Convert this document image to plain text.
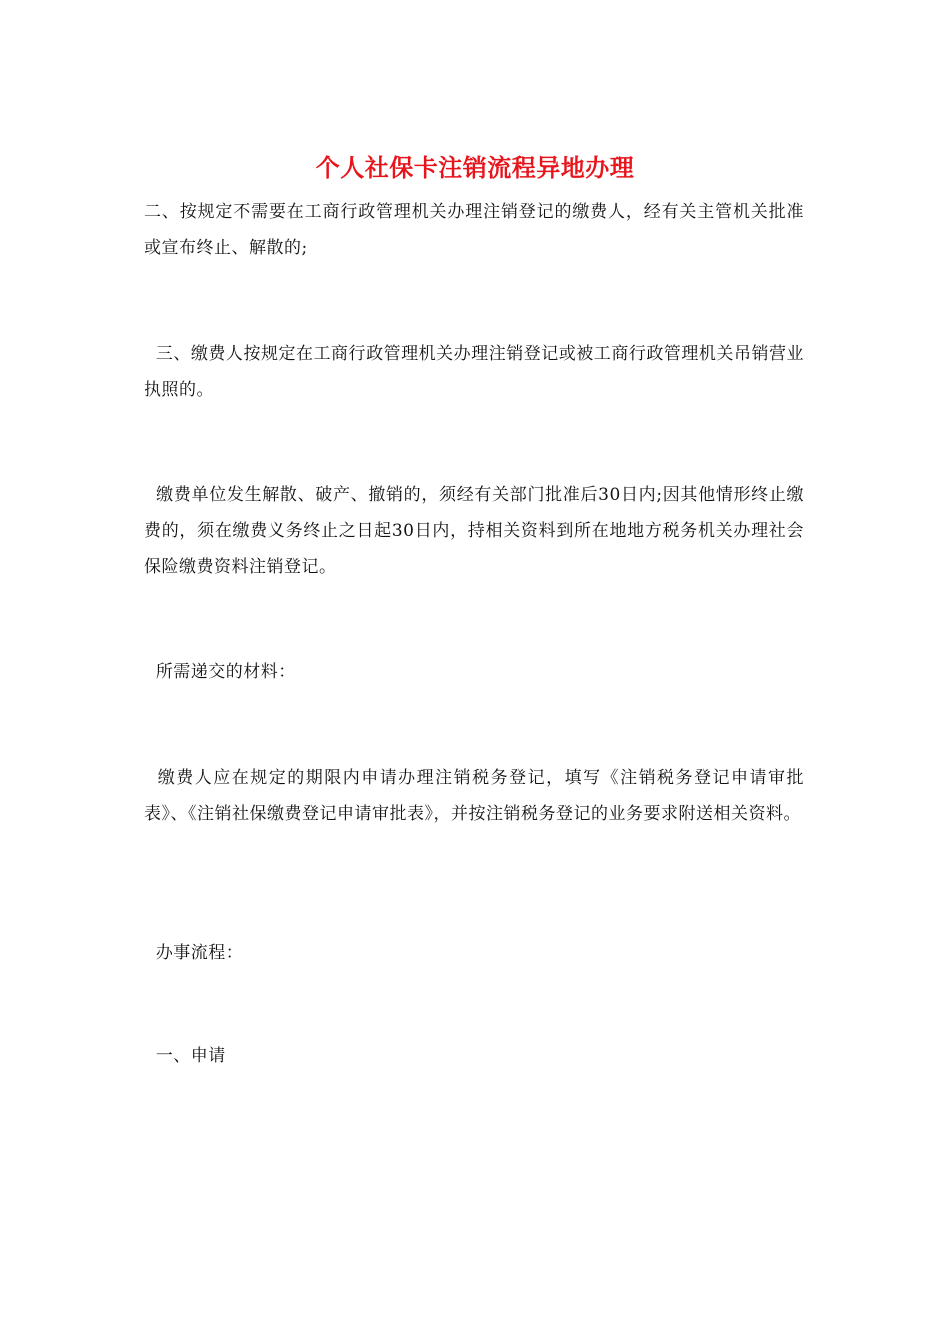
个人社保卡注销流程异地办理
二、按规定不需要在工商行政管理机关办理注销登记的缴费人，经有关主管机关批准或宣布终止、解散的;
三、缴费人按规定在工商行政管理机关办理注销登记或被工商行政管理机关吊销营业执照的。
缴费单位发生解散、破产、撤销的，须经有关部门批准后30日内;因其他情形终止缴费的，须在缴费义务终止之日起30日内，持相关资料到所在地地方税务机关办理社会保险缴费资料注销登记。
所需递交的材料：
缴费人应在规定的期限内申请办理注销税务登记，填写《注销税务登记申请审批表》、《注销社保缴费登记申请审批表》，并按注销税务登记的业务要求附送相关资料。
办事流程：
一、申请
